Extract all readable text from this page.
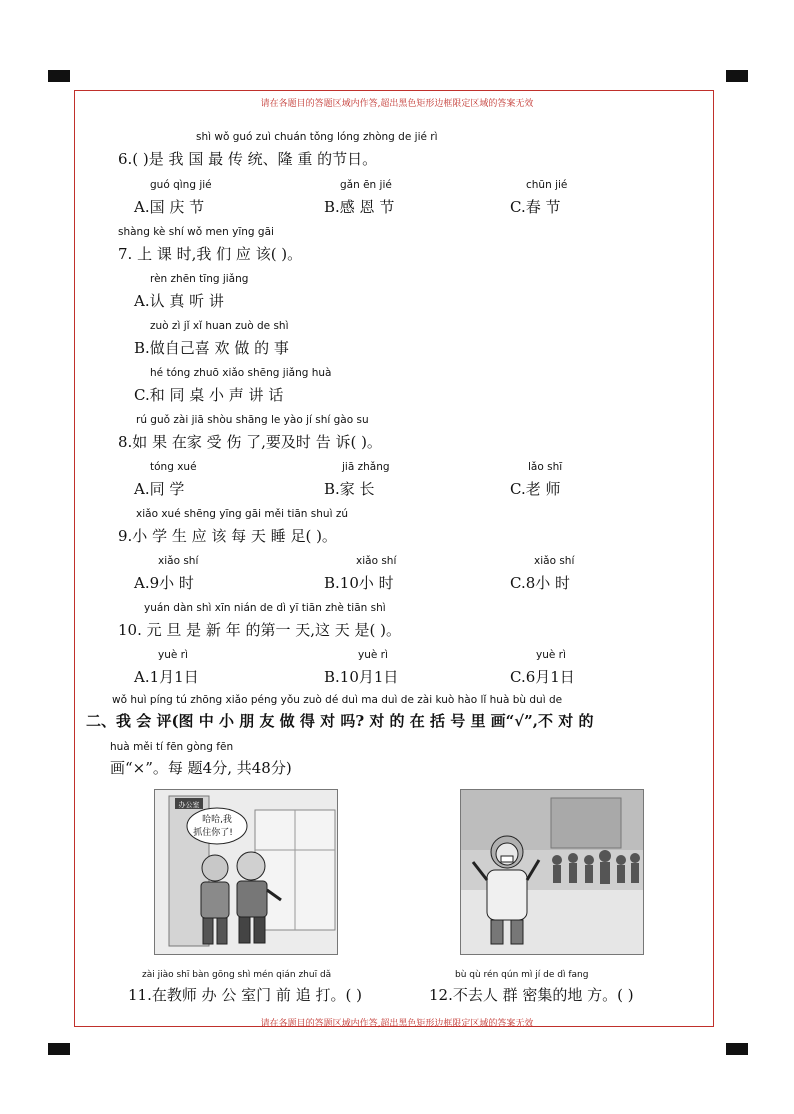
请在各题目的答题区域内作答,超出黑色矩形边框限定区域的答案无效
请在各题目的答题区域内作答,超出黑色矩形边框限定区域的答案无效
shì wǒ guó zuì chuán tǒng lóng zhòng de jié rì
6.( )是 我 国 最 传 统、隆 重 的节日。
guó qìng jié
A.国 庆 节
gǎn ēn jié
B.感 恩 节
chūn jié
C.春 节
shàng kè shí wǒ men yīng gāi
7. 上 课 时,我 们 应 该( )。
rèn zhēn tīng jiǎng
A.认 真 听 讲
zuò zì jǐ xǐ huan zuò de shì
B.做自己喜 欢 做 的 事
hé tóng zhuō xiǎo shēng jiǎng huà
C.和 同 桌 小 声 讲 话
rú guǒ zài jiā shòu shāng le yào jí shí gào su
8.如 果 在家 受 伤 了,要及时 告 诉( )。
tóng xué
A.同 学
jiā zhǎng
B.家 长
lǎo shī
C.老 师
xiǎo xué shēng yīng gāi měi tiān shuì zú
9.小 学 生 应 该 每 天 睡 足( )。
xiǎo shí
A.9小 时
xiǎo shí
B.10小 时
xiǎo shí
C.8小 时
yuán dàn shì xīn nián de dì yī tiān zhè tiān shì
10. 元 旦 是 新 年 的第一 天,这 天 是( )。
yuè rì
A.1月1日
yuè rì
B.10月1日
yuè rì
C.6月1日
wǒ huì píng tú zhōng xiǎo péng yǒu zuò dé duì ma duì de zài kuò hào lǐ huà bù duì de
二、我 会 评(图 中 小 朋 友 做 得 对 吗? 对 的 在 括 号 里 画“√”,不 对 的
huà měi tí fēn gòng fēn
画“×”。每 题4分, 共48分)
办公室
哈哈,我
抓住你了!
zài jiào shī bàn gōng shì mén qián zhuī dǎ
11.在教师 办 公 室门 前 追 打。( )
bù qù rén qún mì jí de dì fang
12.不去人 群 密集的地 方。( )
